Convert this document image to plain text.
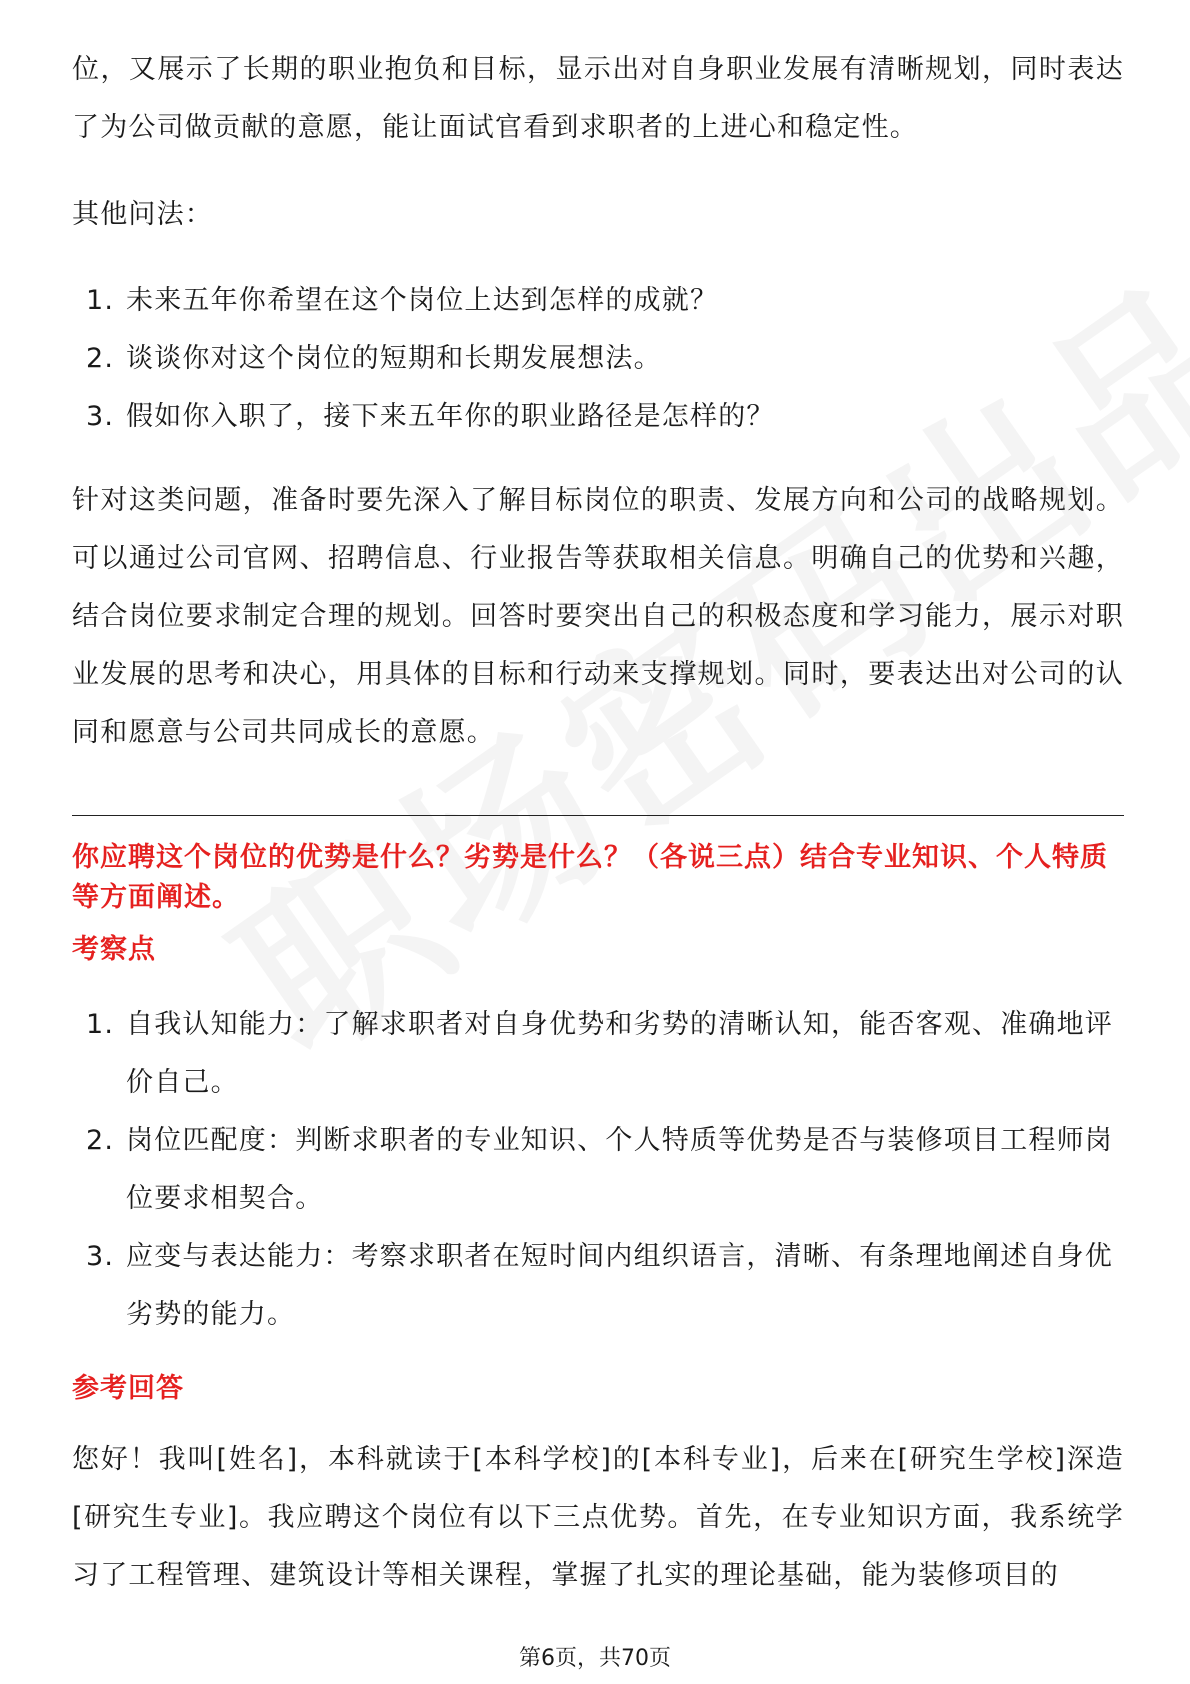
位，又展示了长期的职业抱负和目标，显示出对自身职业发展有清晰规划，同时表达了为公司做贡献的意愿，能让面试官看到求职者的上进心和稳定性。

其他问法：

1. 未来五年你希望在这个岗位上达到怎样的成就？
2. 谈谈你对这个岗位的短期和长期发展想法。
3. 假如你入职了，接下来五年你的职业路径是怎样的？

针对这类问题，准备时要先深入了解目标岗位的职责、发展方向和公司的战略规划。可以通过公司官网、招聘信息、行业报告等获取相关信息。明确自己的优势和兴趣，结合岗位要求制定合理的规划。回答时要突出自己的积极态度和学习能力，展示对职业发展的思考和决心，用具体的目标和行动来支撑规划。同时，要表达出对公司的认同和愿意与公司共同成长的意愿。

你应聘这个岗位的优势是什么？劣势是什么？（各说三点）结合专业知识、个人特质等方面阐述。

考察点

1. 自我认知能力：了解求职者对自身优势和劣势的清晰认知，能否客观、准确地评价自己。
2. 岗位匹配度：判断求职者的专业知识、个人特质等优势是否与装修项目工程师岗位要求相契合。
3. 应变与表达能力：考察求职者在短时间内组织语言，清晰、有条理地阐述自身优劣势的能力。

参考回答

您好！我叫[姓名]，本科就读于[本科学校]的[本科专业]，后来在[研究生学校]深造[研究生专业]。我应聘这个岗位有以下三点优势。首先，在专业知识方面，我系统学习了工程管理、建筑设计等相关课程，掌握了扎实的理论基础，能为装修项目的

第6页，共70页
